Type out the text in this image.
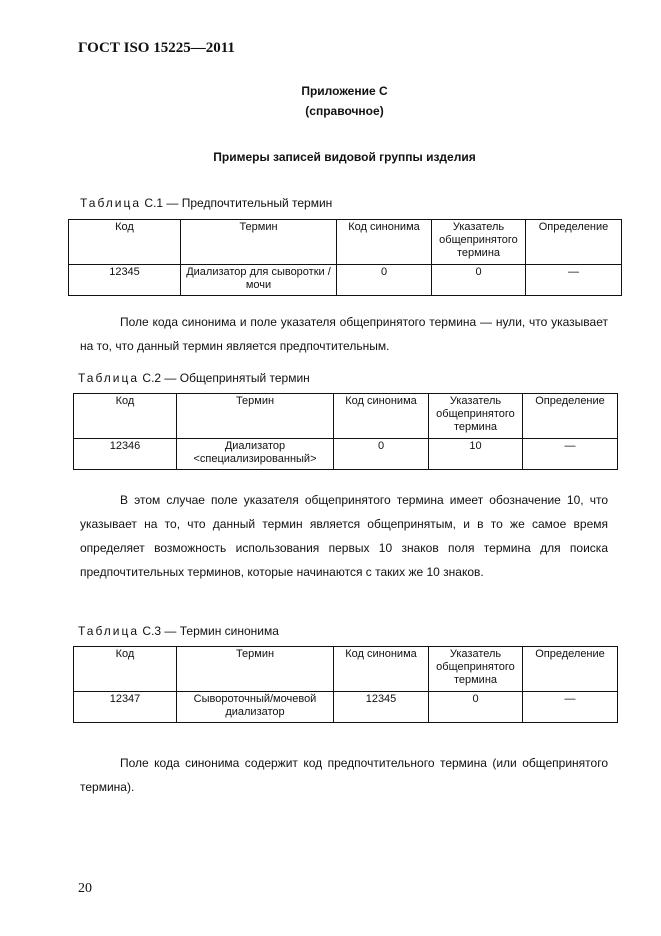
ГОСТ ISO 15225—2011
Приложение С
(справочное)
Примеры записей видовой группы изделия
Таблица С.1 — Предпочтительный термин
Код	Термин	Код синонима	Указатель общепринятого термина	Определение
12345	Диализатор для сыворотки / мочи	0	0	—
Поле кода синонима и поле указателя общепринятого термина — нули, что указывает на то, что данный термин является предпочтительным.
Таблица С.2 — Общепринятый термин
Код	Термин	Код синонима	Указатель общепринятого термина	Определение
12346	Диализатор <специализированный>	0	10	—
В этом случае поле указателя общепринятого термина имеет обозначение 10, что указывает на то, что данный термин является общепринятым, и в то же самое время определяет возможность использования первых 10 знаков поля термина для поиска предпочтительных терминов, которые начинаются с таких же 10 знаков.
Таблица С.3 — Термин синонима
Код	Термин	Код синонима	Указатель общепринятого термина	Определение
12347	Сывороточный/мочевой диализатор	12345	0	—
Поле кода синонима содержит код предпочтительного термина (или общепринятого термина).
20
